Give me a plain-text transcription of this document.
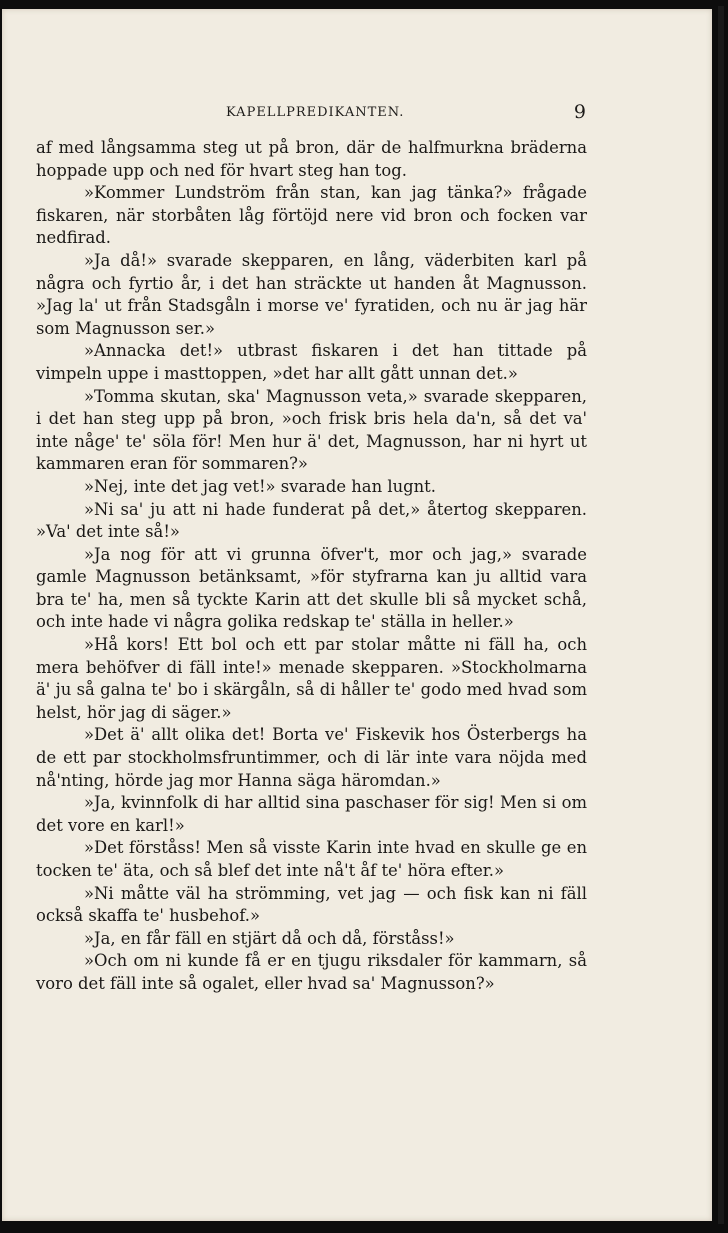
KAPELLPREDIKANTEN.	9

af med långsamma steg ut på bron, där de halfmurkna bräderna hoppade upp och ned för hvart steg han tog.

»Kommer Lundström från stan, kan jag tänka?» frågade fiskaren, när storbåten låg förtöjd nere vid bron och focken var nedfirad.

»Ja då!» svarade skepparen, en lång, väderbiten karl på några och fyrtio år, i det han sträckte ut handen åt Magnusson. »Jag la' ut från Stadsgåln i morse ve' fyratiden, och nu är jag här som Magnusson ser.»

»Annacka det!» utbrast fiskaren i det han tittade på vimpeln uppe i masttoppen, »det har allt gått unnan det.»

»Tomma skutan, ska' Magnusson veta,» svarade skepparen, i det han steg upp på bron, »och frisk bris hela da'n, så det va' inte någe' te' söla för! Men hur ä' det, Magnusson, har ni hyrt ut kammaren eran för sommaren?»

»Nej, inte det jag vet!» svarade han lugnt.

»Ni sa' ju att ni hade funderat på det,» återtog skepparen. »Va' det inte så!»

»Ja nog för att vi grunna öfver't, mor och jag,» svarade gamle Magnusson betänksamt, »för styfrarna kan ju alltid vara bra te' ha, men så tyckte Karin att det skulle bli så mycket schå, och inte hade vi några golika redskap te' ställa in heller.»

»Hå kors! Ett bol och ett par stolar måtte ni fäll ha, och mera behöfver di fäll inte!» menade skepparen. »Stockholmarna ä' ju så galna te' bo i skärgåln, så di håller te' godo med hvad som helst, hör jag di säger.»

»Det ä' allt olika det! Borta ve' Fiskevik hos Österbergs ha de ett par stockholmsfruntimmer, och di lär inte vara nöjda med nå'nting, hörde jag mor Hanna säga häromdan.»

»Ja, kvinnfolk di har alltid sina paschaser för sig! Men si om det vore en karl!»

»Det förståss! Men så visste Karin inte hvad en skulle ge en tocken te' äta, och så blef det inte nå't åf te' höra efter.»

»Ni måtte väl ha strömming, vet jag — och fisk kan ni fäll också skaffa te' husbehof.»

»Ja, en får fäll en stjärt då och då, förståss!»

»Och om ni kunde få er en tjugu riksdaler för kammarn, så voro det fäll inte så ogalet, eller hvad sa' Magnusson?»
